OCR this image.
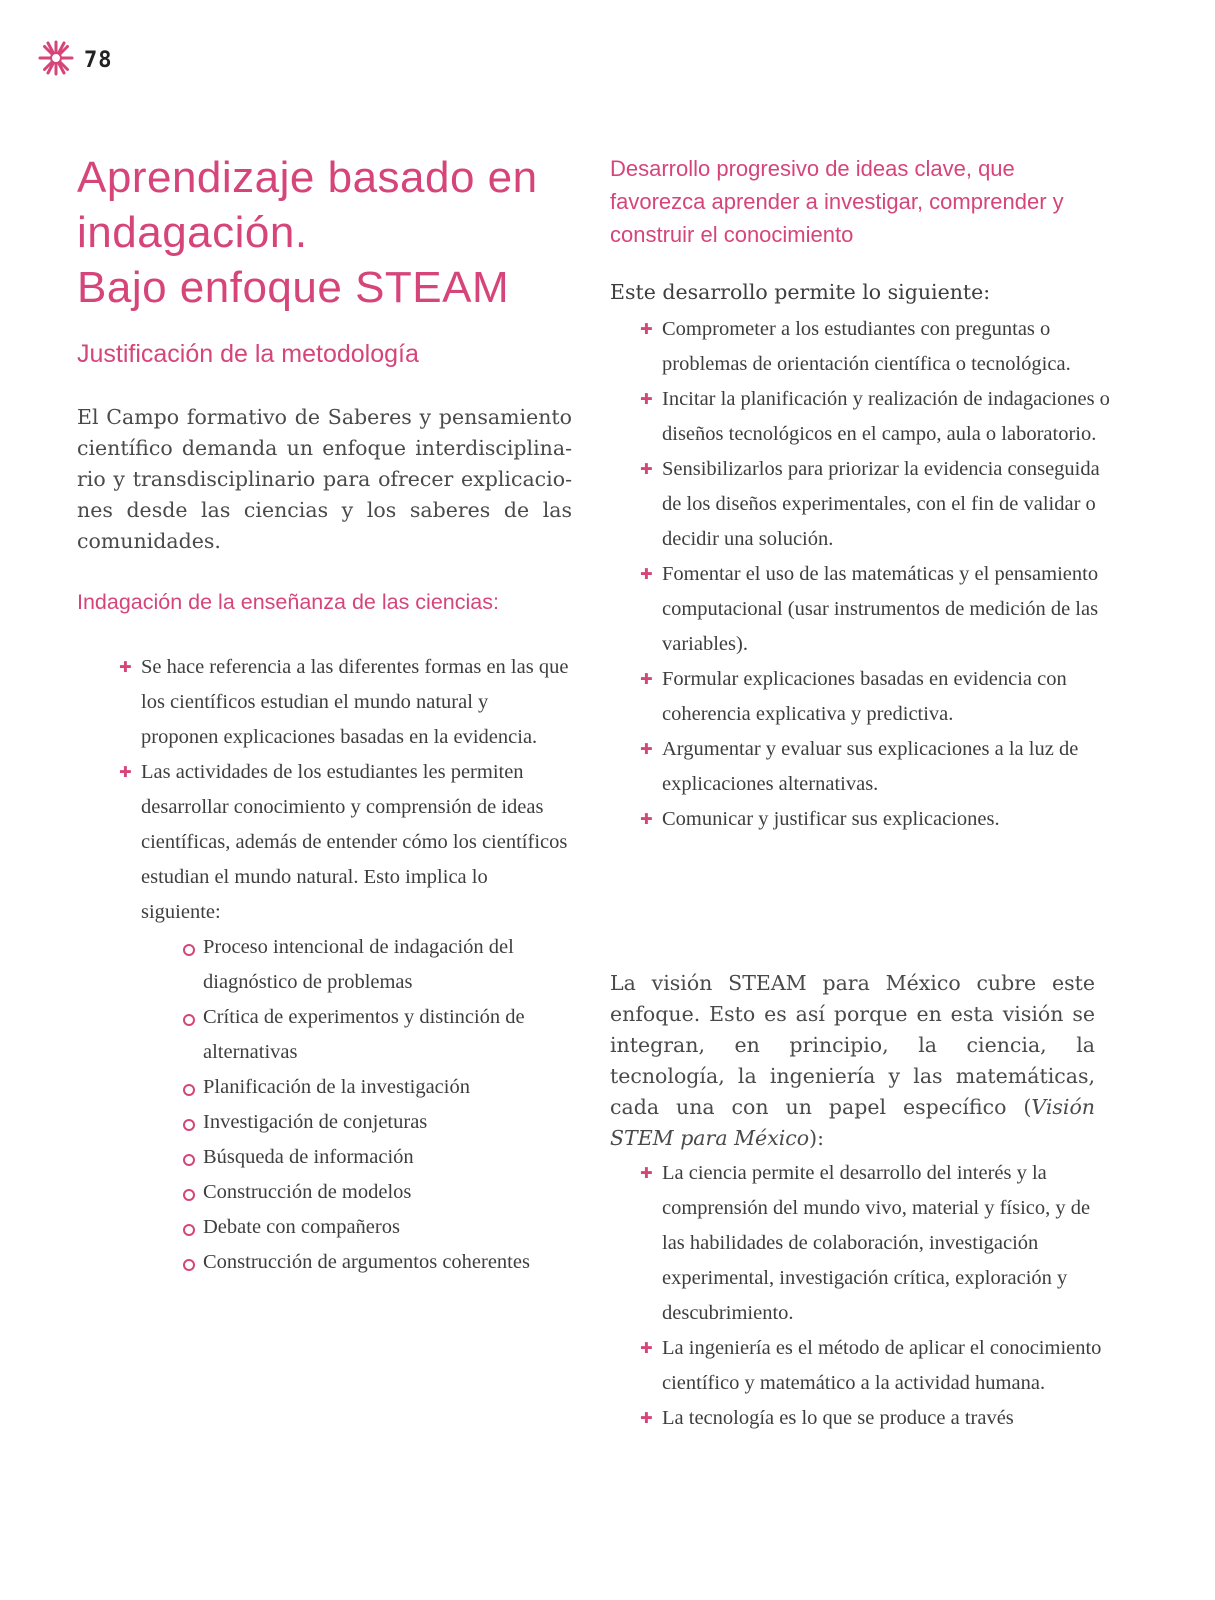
78
Aprendizaje basado en
indagación.
Bajo enfoque STEAM
Justificación de la metodología

El Campo formativo de Saberes y pensamiento científico demanda un enfoque interdisciplinario y transdisciplinario para ofrecer explicaciones desde las ciencias y los saberes de las comunidades.

Indagación de la enseñanza de las ciencias:
✚ Se hace referencia a las diferentes formas en las que los científicos estudian el mundo natural y proponen explicaciones basadas en la evidencia.
✚ Las actividades de los estudiantes les permiten desarrollar conocimiento y comprensión de ideas científicas, además de entender cómo los científicos estudian el mundo natural. Esto implica lo siguiente:
Proceso intencional de indagación del diagnóstico de problemas
Crítica de experimentos y distinción de alternativas
Planificación de la investigación
Investigación de conjeturas
Búsqueda de información
Construcción de modelos
Debate con compañeros
Construcción de argumentos coherentes
Desarrollo progresivo de ideas clave, que favorezca aprender a investigar, comprender y construir el conocimiento

Este desarrollo permite lo siguiente:

✚ Comprometer a los estudiantes con preguntas o problemas de orientación científica o tecnológica.
✚ Incitar la planificación y realización de indagaciones o diseños tecnológicos en el campo, aula o laboratorio.
✚ Sensibilizarlos para priorizar la evidencia conseguida de los diseños experimentales, con el fin de validar o decidir una solución.
✚ Fomentar el uso de las matemáticas y el pensamiento computacional (usar instrumentos de medición de las variables).
✚ Formular explicaciones basadas en evidencia con coherencia explicativa y predictiva.
✚ Argumentar y evaluar sus explicaciones a la luz de explicaciones alternativas.
✚ Comunicar y justificar sus explicaciones.

La visión STEAM para México cubre este enfoque. Esto es así porque en esta visión se integran, en principio, la ciencia, la tecnología, la ingeniería y las matemáticas, cada una con un papel específico (Visión STEM para México):

✚ La ciencia permite el desarrollo del interés y la comprensión del mundo vivo, material y físico, y de las habilidades de colaboración, investigación experimental, investigación crítica, exploración y descubrimiento.
✚ La ingeniería es el método de aplicar el conocimiento científico y matemático a la actividad humana.
✚ La tecnología es lo que se produce a través
